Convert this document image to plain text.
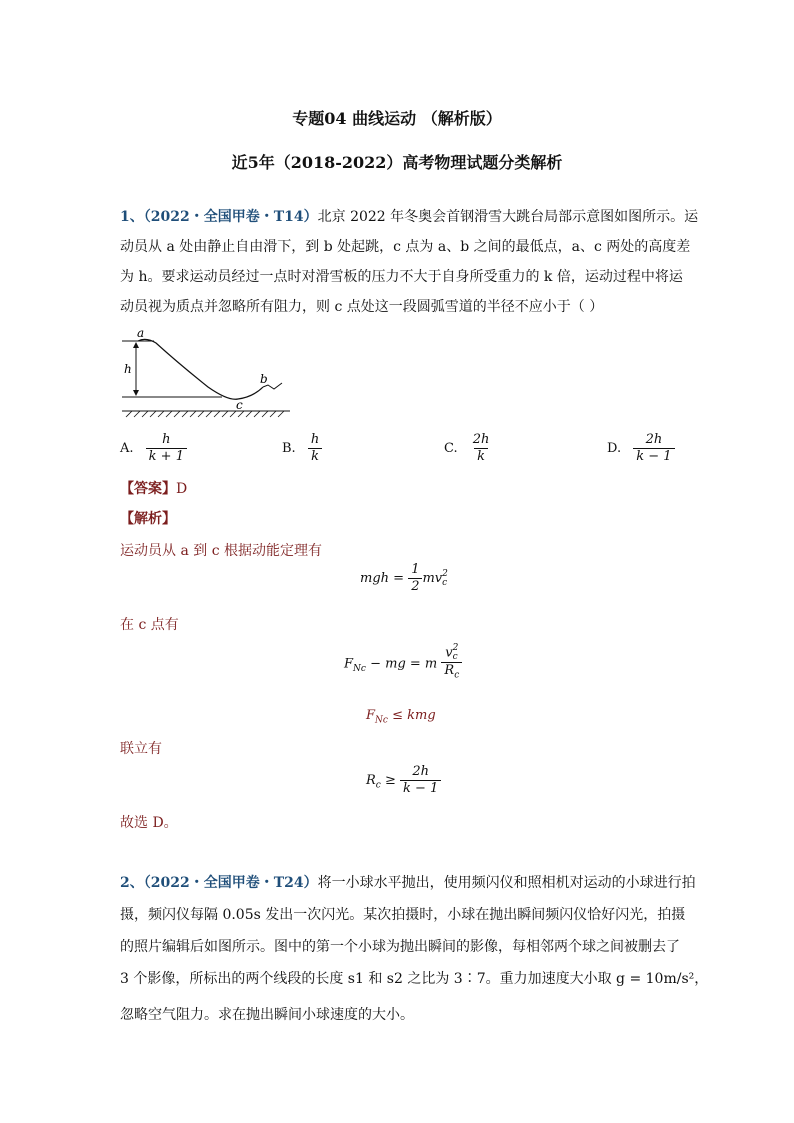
专题04 曲线运动 （解析版）
近5年（2018-2022）高考物理试题分类解析
1、（2022・全国甲卷・T14）北京 2022 年冬奥会首钢滑雪大跳台局部示意图如图所示。运
动员从 a 处由静止自由滑下，到 b 处起跳，c 点为 a、b 之间的最低点，a、c 两处的高度差
为 h。要求运动员经过一点时对滑雪板的压力不大于自身所受重力的 k 倍，运动过程中将运
动员视为质点并忽略所有阻力，则 c 点处这一段圆弧雪道的半径不应小于（ ）
a
h
c
b
A. $\frac{h}{k + 1}$	B. $\frac{h}{k}$	C. $\frac{2h}{k}$	D. $\frac{2h}{k - 1}$
【答案】D
【解析】
运动员从 a 到 c 根据动能定理有
mgh = $\frac{1}{2}$ mv 2
c
在 c 点有
$F_{Nc}$ − mg = m v 2
c
$R_c$
$F_{Nc}$ ≤ kmg
联立有
$R_c \ge \frac{2h}{k - 1}$
故选 D。
2、（2022・全国甲卷・T24）将一小球水平抛出，使用频闪仪和照相机对运动的小球进行拍
摄，频闪仪每隔 0.05s 发出一次闪光。某次拍摄时，小球在抛出瞬间频闪仪恰好闪光，拍摄
的照片编辑后如图所示。图中的第一个小球为抛出瞬间的影像，每相邻两个球之间被删去了
3 个影像，所标出的两个线段的长度 s1 和 s2 之比为 3∶7。重力加速度大小取 g = 10m/s²，
忽略空气阻力。求在抛出瞬间小球速度的大小。
